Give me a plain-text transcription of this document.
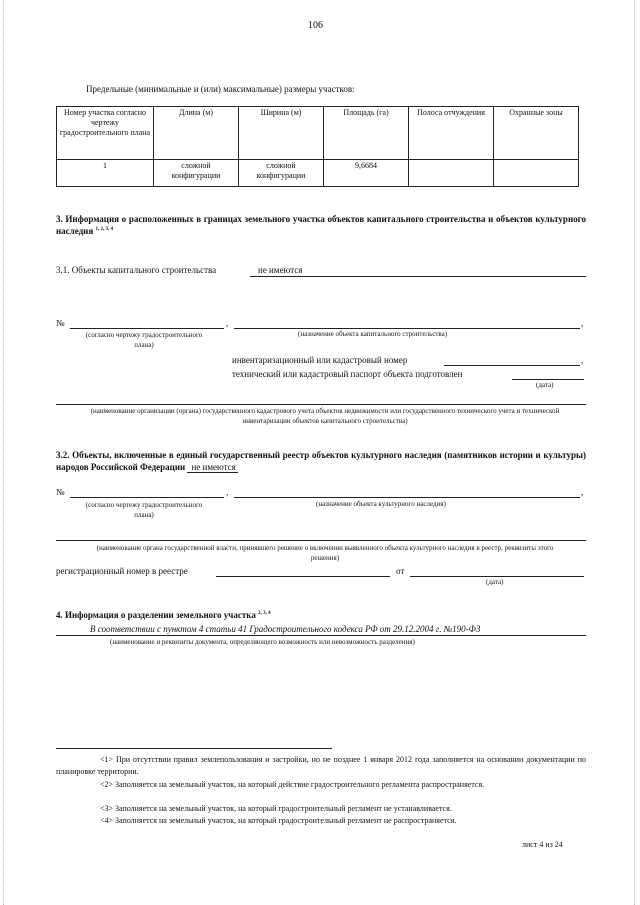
106
Предельные (минимальные и (или) максимальные) размеры участков:
Номер участка согласно чертежу градостроительного плана	Длина (м)	Ширина (м)	Площадь (га)	Полоса отчуждения	Охранные зоны
1	сложной конфигурации	сложной конфигурации	9,6684		
3. Информация о расположенных в границах земельного участка объектов капитального строительства и объектов культурного наследия $^{1, 2, 3, 4}$
3.1. Объекты капитального строительства	не имеются
№	,	,
(согласно чертежу градостроительного плана)
(назначение объекта капитального строительства)
инвентаризационный или кадастровый номер	,
технический или кадастровый паспорт объекта подготовлен
(дата)
(наименование организации (органа) государственного кадастрового учета объектов недвижимости или государственного технического учета и технической инвентаризации объектов капитального строительства)
3.2. Объекты, включенные в единый государственный реестр объектов культурного наследия (памятников истории и культуры) народов Российской Федерации не имеются
№	,	,
(согласно чертежу градостроительного плана)
(назначение объекта культурного наследия)
(наименование органа государственной власти, принявшего решение о включении выявленного объекта культурного наследия в реестр, реквизиты этого решения)
регистрационный номер в реестре	от
(дата)
4. Информация о разделении земельного участка $^{2, 3, 4}$
В соответствии с пунктом 4 статьи 41 Градостроительного кодекса РФ от 29.12.2004 г. №190-ФЗ
(наименование и реквизиты документа, определяющего возможность или невозможность разделения)
<1> При отсутствии правил землепользования и застройки, но не позднее 1 января 2012 года заполняется на основании документации по планировке территории.
<2> Заполняется на земельный участок, на который действие градостроительного регламента распространяется.
<3> Заполняется на земельный участок, на который градостроительный регламент не устанавливается.
<4> Заполняется на земельный участок, на который градостроительный регламент не распространяется.
лист 4 из 24
